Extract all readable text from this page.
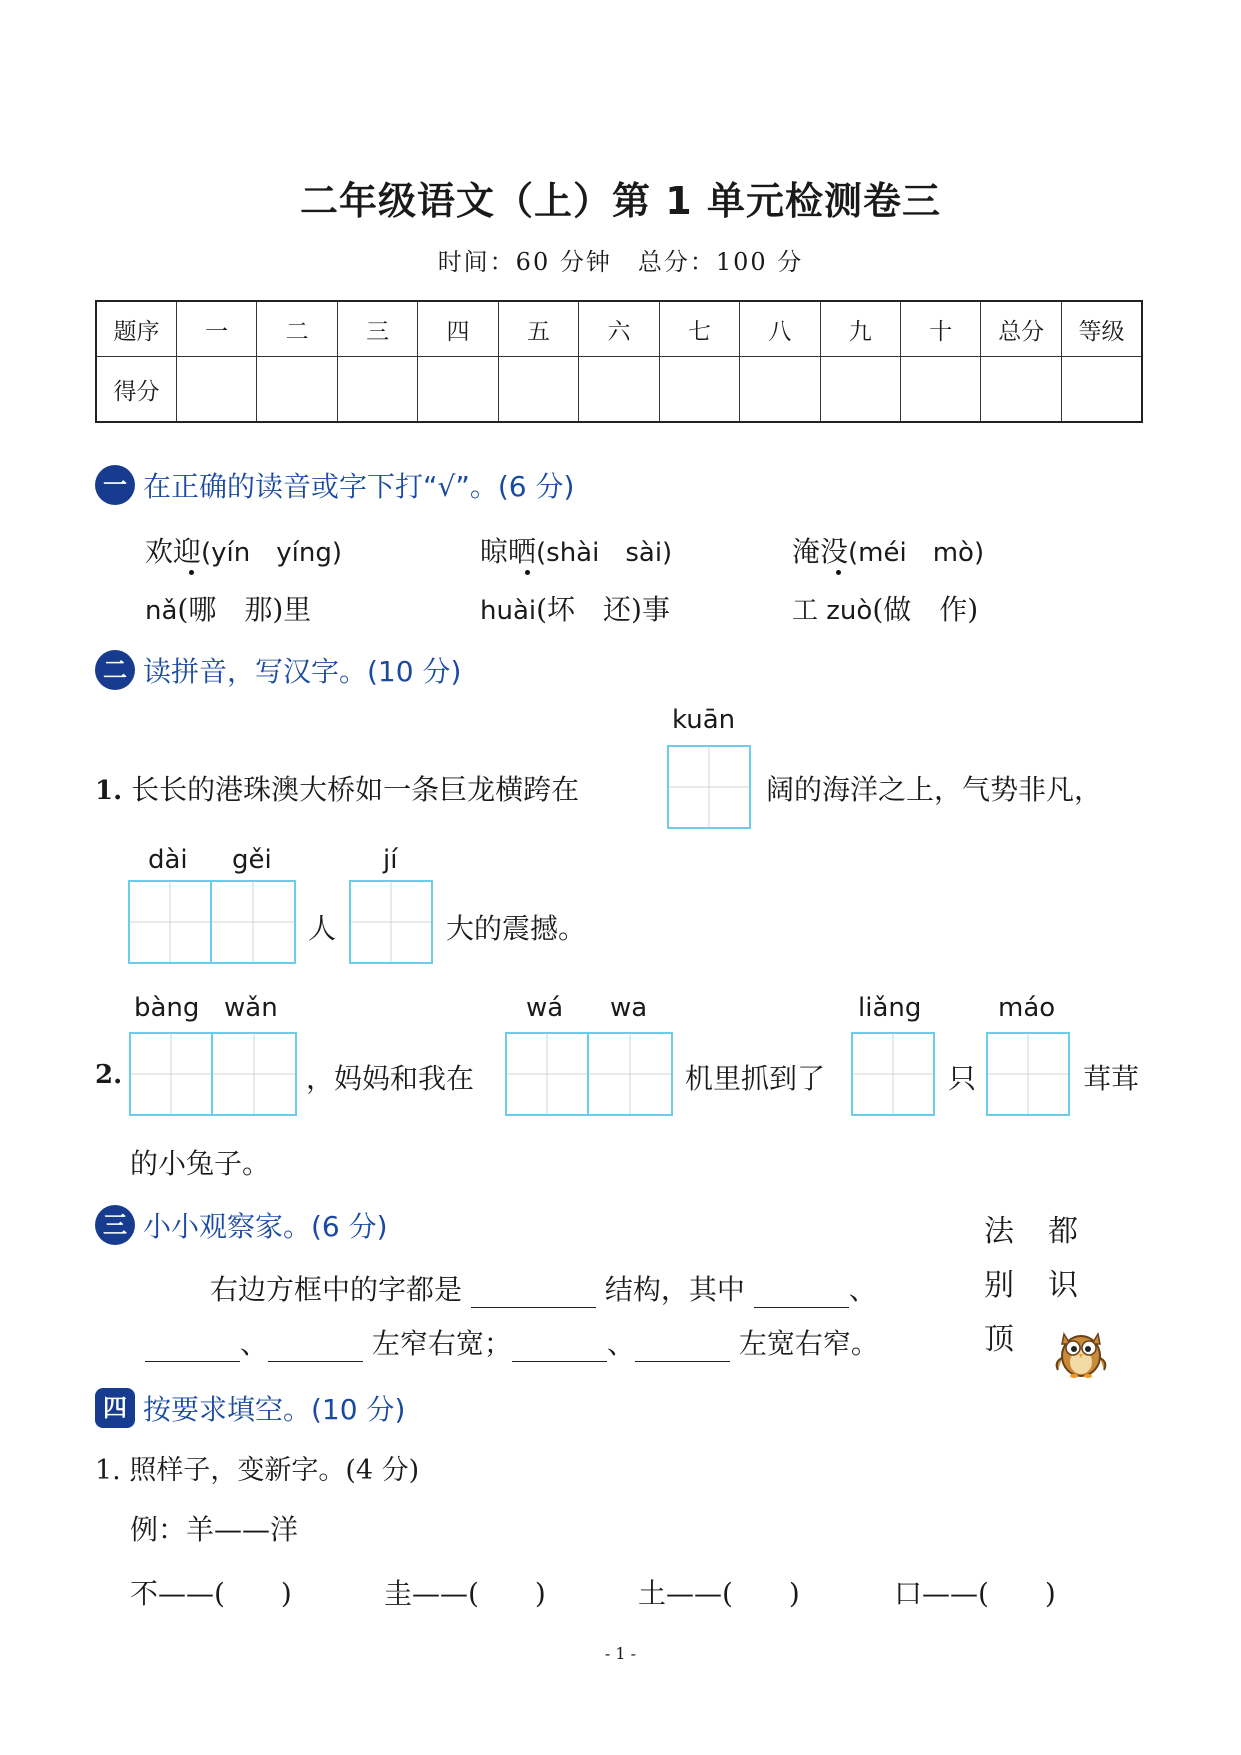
二年级语文（上）第 1 单元检测卷三
时间：60 分钟　总分：100 分
题序	一	二	三	四	五	六	七	八	九	十	总分	等级
得分												
一 在正确的读音或字下打“√”。(6 分)
欢迎(yín　yíng)	晾晒(shài　sài)	淹没(méi　mò)
nǎ(哪　那)里	huài(坏　还)事	工 zuò(做　作)
二 读拼音，写汉字。(10 分)
kuān
1. 长长的港珠澳大桥如一条巨龙横跨在	阔的海洋之上，气势非凡，
dài gěi
人
jí
大的震撼。
bàng wǎn
2.	，妈妈和我在
wá wa
机里抓到了
liǎng
只
máo
茸茸
的小兔子。
三 小小观察家。(6 分)
右边方框中的字都是	结构，其中	、
、	左窄右宽；	、	左宽右窄。
法 都
别 识
顶
四 按要求填空。(10 分)
1. 照样子，变新字。(4 分)
例：羊——洋
不——(　　)	圭——(　　)	土——(　　)	口——(　　)
- 1 -
